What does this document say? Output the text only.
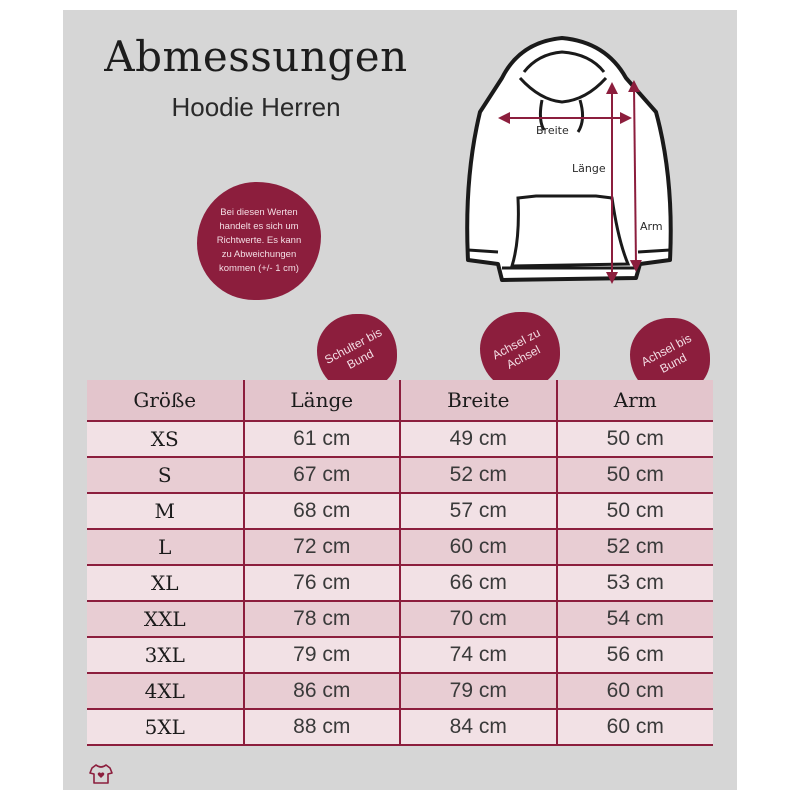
Abmessungen
Hoodie Herren
Bei diesen Werten handelt es sich um Richtwerte. Es kann zu Abweichungen kommen (+/- 1 cm)
Breite
Länge
Arm
Schulter bis Bund	Achsel zu Achsel	Achsel bis Bund
Größe	Länge	Breite	Arm
XS	61 cm	49 cm	50 cm
S	67 cm	52 cm	50 cm
M	68 cm	57 cm	50 cm
L	72 cm	60 cm	52 cm
XL	76 cm	66 cm	53 cm
XXL	78 cm	70 cm	54 cm
3XL	79 cm	74 cm	56 cm
4XL	86 cm	79 cm	60 cm
5XL	88 cm	84 cm	60 cm
